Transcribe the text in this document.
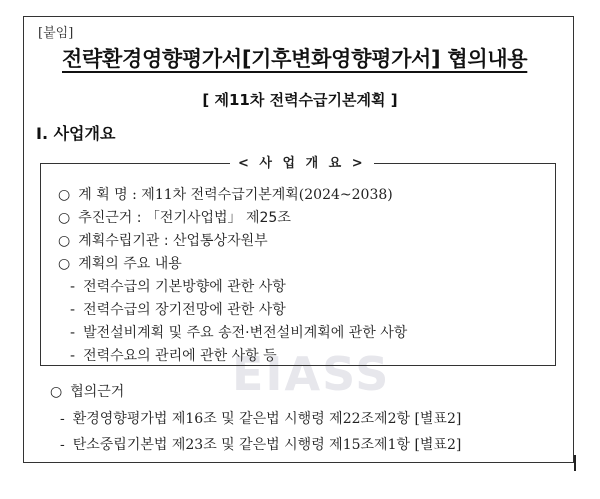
[붙임]
전략환경영향평가서[기후변화영향평가서] 협의내용
[ 제11차 전력수급기본계획 ]
I. 사업개요
EIASS
< 사 업 개 요 >
○ 계 획 명 : 제11차 전력수급기본계획(2024~2038)
○ 추진근거 : 「전기사업법」 제25조
○ 계획수립기관 : 산업통상자원부
○ 계획의 주요 내용
- 전력수급의 기본방향에 관한 사항
- 전력수급의 장기전망에 관한 사항
- 발전설비계획 및 주요 송전·변전설비계획에 관한 사항
- 전력수요의 관리에 관한 사항 등
○ 협의근거
- 환경영향평가법 제16조 및 같은법 시행령 제22조제2항 [별표2]
- 탄소중립기본법 제23조 및 같은법 시행령 제15조제1항 [별표2]
